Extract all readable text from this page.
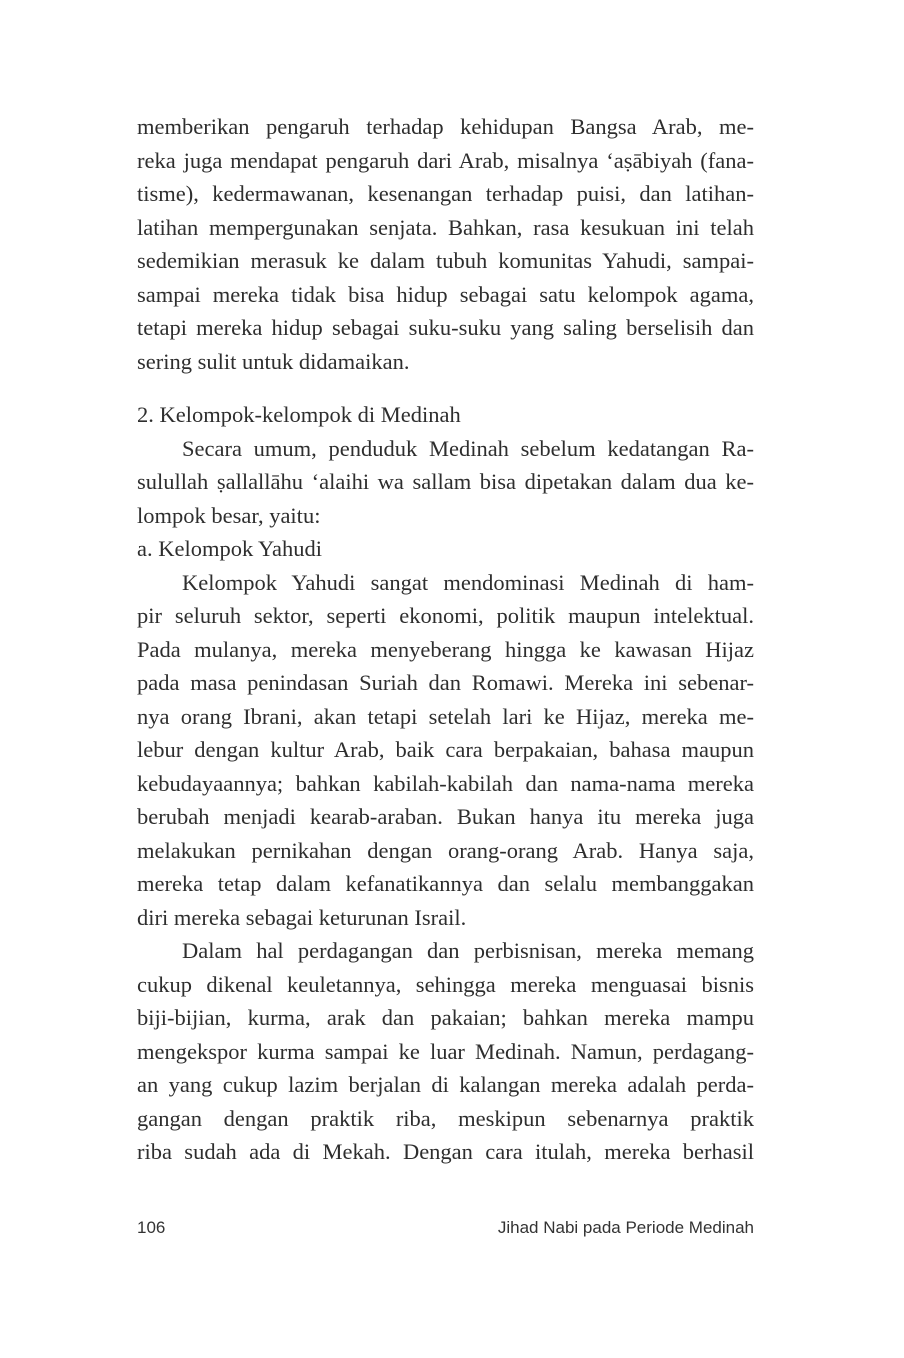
memberikan pengaruh terhadap kehidupan Bangsa Arab, me-
reka juga mendapat pengaruh dari Arab, misalnya ‘aṣābiyah (fana-
tisme), kedermawanan, kesenangan terhadap puisi, dan latihan-
latihan mempergunakan senjata. Bahkan, rasa kesukuan ini telah
sedemikian merasuk ke dalam tubuh komunitas Yahudi, sampai-
sampai mereka tidak bisa hidup sebagai satu kelompok agama,
tetapi mereka hidup sebagai suku-suku yang saling berselisih dan
sering sulit untuk didamaikan.
2. Kelompok-kelompok di Medinah
Secara umum, penduduk Medinah sebelum kedatangan Ra-
sulullah ṣallallāhu ‘alaihi wa sallam bisa dipetakan dalam dua ke-
lompok besar, yaitu:
a. Kelompok Yahudi
Kelompok Yahudi sangat mendominasi Medinah di ham-
pir seluruh sektor, seperti ekonomi, politik maupun intelektual.
Pada mulanya, mereka menyeberang hingga ke kawasan Hijaz
pada masa penindasan Suriah dan Romawi. Mereka ini sebenar-
nya orang Ibrani, akan tetapi setelah lari ke Hijaz, mereka me-
lebur dengan kultur Arab, baik cara berpakaian, bahasa maupun
kebudayaannya; bahkan kabilah-kabilah dan nama-nama mereka
berubah menjadi kearab-araban. Bukan hanya itu mereka juga
melakukan pernikahan dengan orang-orang Arab. Hanya saja,
mereka tetap dalam kefanatikannya dan selalu membanggakan
diri mereka sebagai keturunan Israil.
Dalam hal perdagangan dan perbisnisan, mereka memang
cukup dikenal keuletannya, sehingga mereka menguasai bisnis
biji-bijian, kurma, arak dan pakaian; bahkan mereka mampu
mengekspor kurma sampai ke luar Medinah. Namun, perdagang-
an yang cukup lazim berjalan di kalangan mereka adalah perda-
gangan dengan praktik riba, meskipun sebenarnya praktik
riba sudah ada di Mekah. Dengan cara itulah, mereka berhasil
106	Jihad Nabi pada Periode Medinah
